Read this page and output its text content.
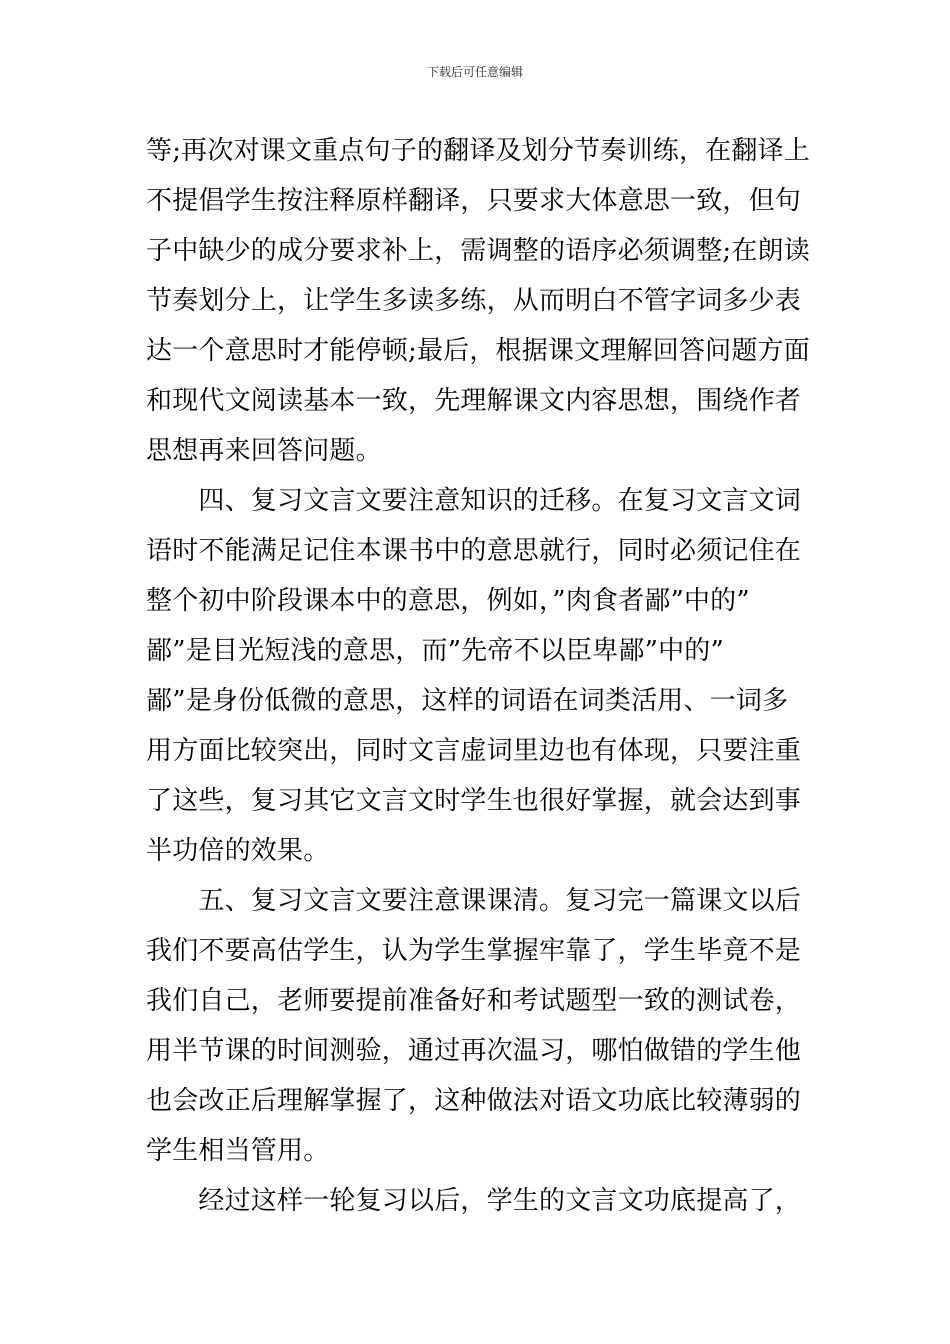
下载后可任意编辑
等;再次对课文重点句子的翻译及划分节奏训练，在翻译上
不提倡学生按注释原样翻译，只要求大体意思一致，但句
子中缺少的成分要求补上，需调整的语序必须调整;在朗读
节奏划分上，让学生多读多练，从而明白不管字词多少表
达一个意思时才能停顿;最后，根据课文理解回答问题方面
和现代文阅读基本一致，先理解课文内容思想，围绕作者
思想再来回答问题。
　　四、复习文言文要注意知识的迁移。在复习文言文词
语时不能满足记住本课书中的意思就行，同时必须记住在
整个初中阶段课本中的意思，例如，”肉食者鄙”中的”
鄙”是目光短浅的意思，而”先帝不以臣卑鄙”中的”
鄙”是身份低微的意思，这样的词语在词类活用、一词多
用方面比较突出，同时文言虚词里边也有体现，只要注重
了这些，复习其它文言文时学生也很好掌握，就会达到事
半功倍的效果。
　　五、复习文言文要注意课课清。复习完一篇课文以后
我们不要高估学生，认为学生掌握牢靠了，学生毕竟不是
我们自己，老师要提前准备好和考试题型一致的测试卷，
用半节课的时间测验，通过再次温习，哪怕做错的学生他
也会改正后理解掌握了，这种做法对语文功底比较薄弱的
学生相当管用。
　　经过这样一轮复习以后，学生的文言文功底提高了，
